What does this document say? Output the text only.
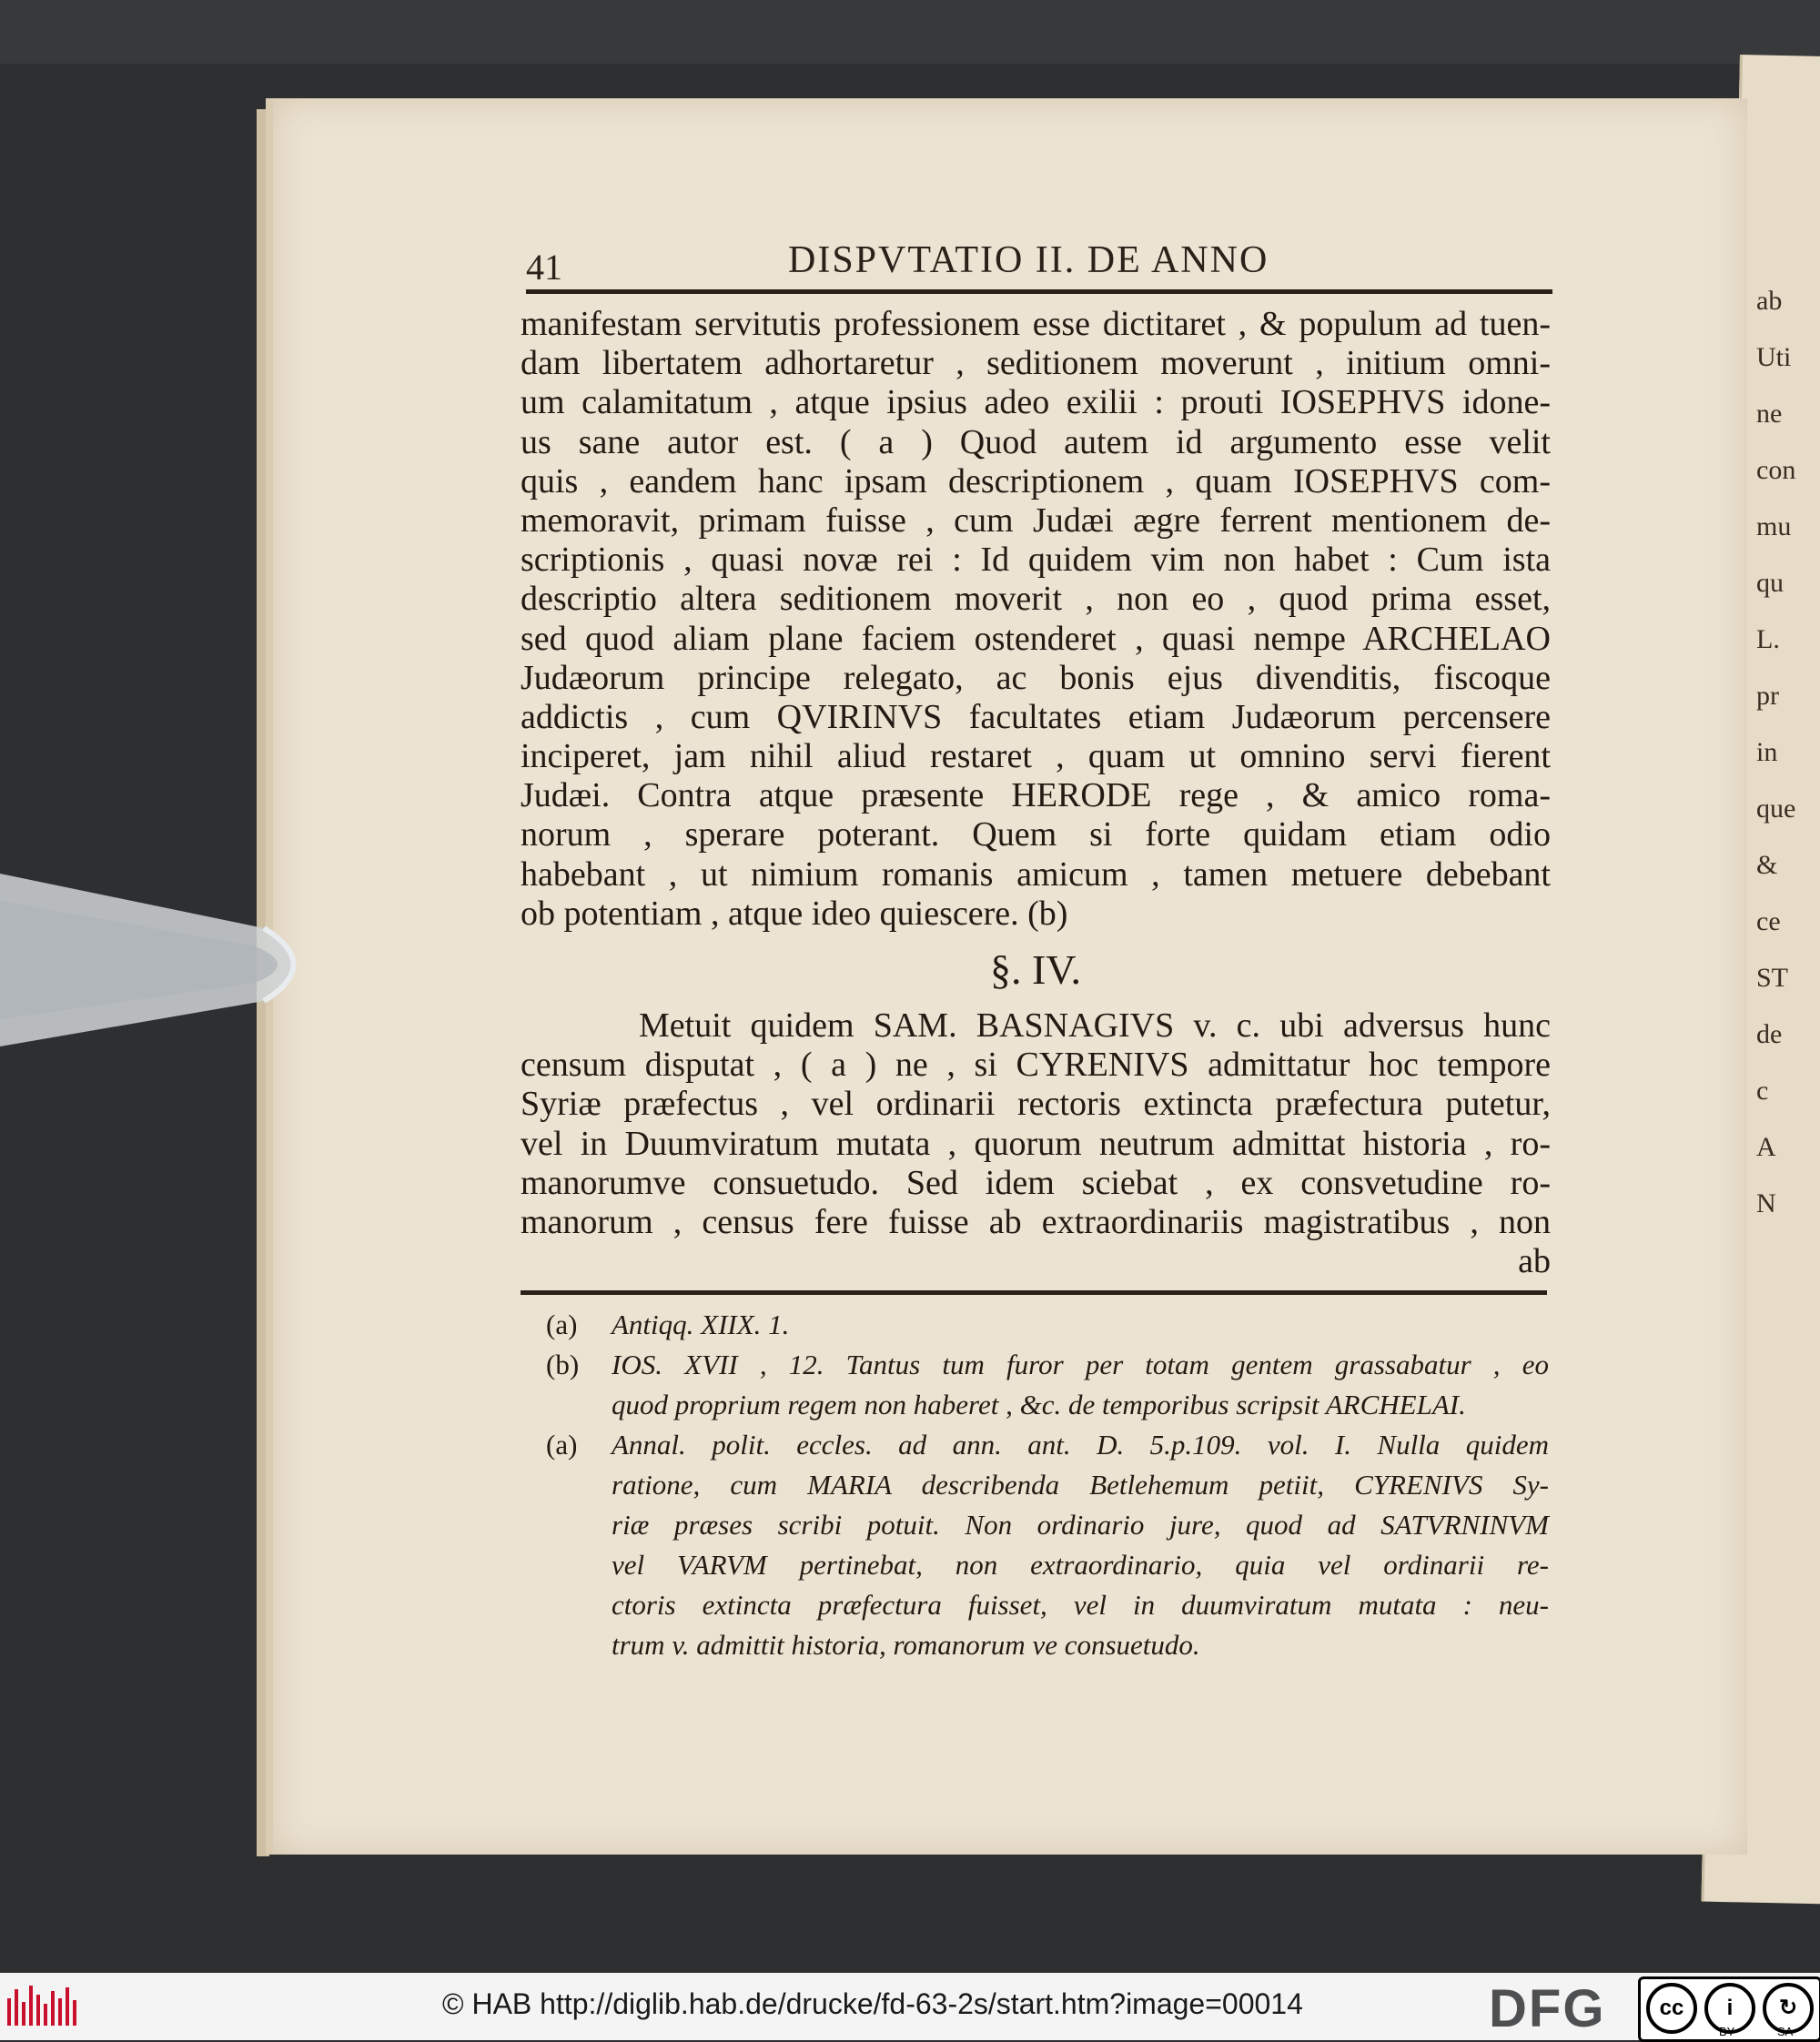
ab
Uti
ne
con
mu
qu
L.
pr
in
que
&
ce
ST
de
c
A
N
41	DISPVTATIO II. DE ANNO
manifestam servitutis professionem esse dictitaret , & populum ad tuen-
dam libertatem adhortaretur , seditionem moverunt , initium omni-
um calamitatum , atque ipsius adeo exilii : prouti IOSEPHVS idone-
us sane autor est. ( a ) Quod autem id argumento esse velit
quis , eandem hanc ipsam descriptionem , quam IOSEPHVS com-
memoravit, primam fuisse , cum Judæi ægre ferrent mentionem de-
scriptionis , quasi novæ rei : Id quidem vim non habet : Cum ista
descriptio altera seditionem moverit , non eo , quod prima esset,
sed quod aliam plane faciem ostenderet , quasi nempe ARCHELAO
Judæorum principe relegato, ac bonis ejus divenditis, fiscoque
addictis , cum QVIRINVS facultates etiam Judæorum percensere
inciperet, jam nihil aliud restaret , quam ut omnino servi fierent
Judæi. Contra atque præsente HERODE rege , & amico roma-
norum , sperare poterant. Quem si forte quidam etiam odio
habebant , ut nimium romanis amicum , tamen metuere debebant
ob potentiam , atque ideo quiescere. (b)
§. IV.
Metuit quidem SAM. BASNAGIVS v. c. ubi adversus hunc
censum disputat , ( a ) ne , si CYRENIVS admittatur hoc tempore
Syriæ præfectus , vel ordinarii rectoris extincta præfectura putetur,
vel in Duumviratum mutata , quorum neutrum admittat historia , ro-
manorumve consuetudo. Sed idem sciebat , ex consvetudine ro-
manorum , census fere fuisse ab extraordinariis magistratibus , non
ab
(a) Antiqq. XIIX. 1.
(b) IOS. XVII , 12. Tantus tum furor per totam gentem grassabatur , eo
quod proprium regem non haberet , &c. de temporibus scripsit ARCHELAI.
(a) Annal. polit. eccles. ad ann. ant. D. 5.p.109. vol. I. Nulla quidem
ratione, cum MARIA describenda Betlehemum petiit, CYRENIVS Sy-
riæ præses scribi potuit. Non ordinario jure, quod ad SATVRNINVM
vel VARVM pertinebat, non extraordinario, quia vel ordinarii re-
ctoris extincta præfectura fuisset, vel in duumviratum mutata : neu-
trum v. admittit historia, romanorum ve consuetudo.
© HAB http://diglib.hab.de/drucke/fd-63-2s/start.htm?image=00014	DFG	cc	i	↻
BY	SA
